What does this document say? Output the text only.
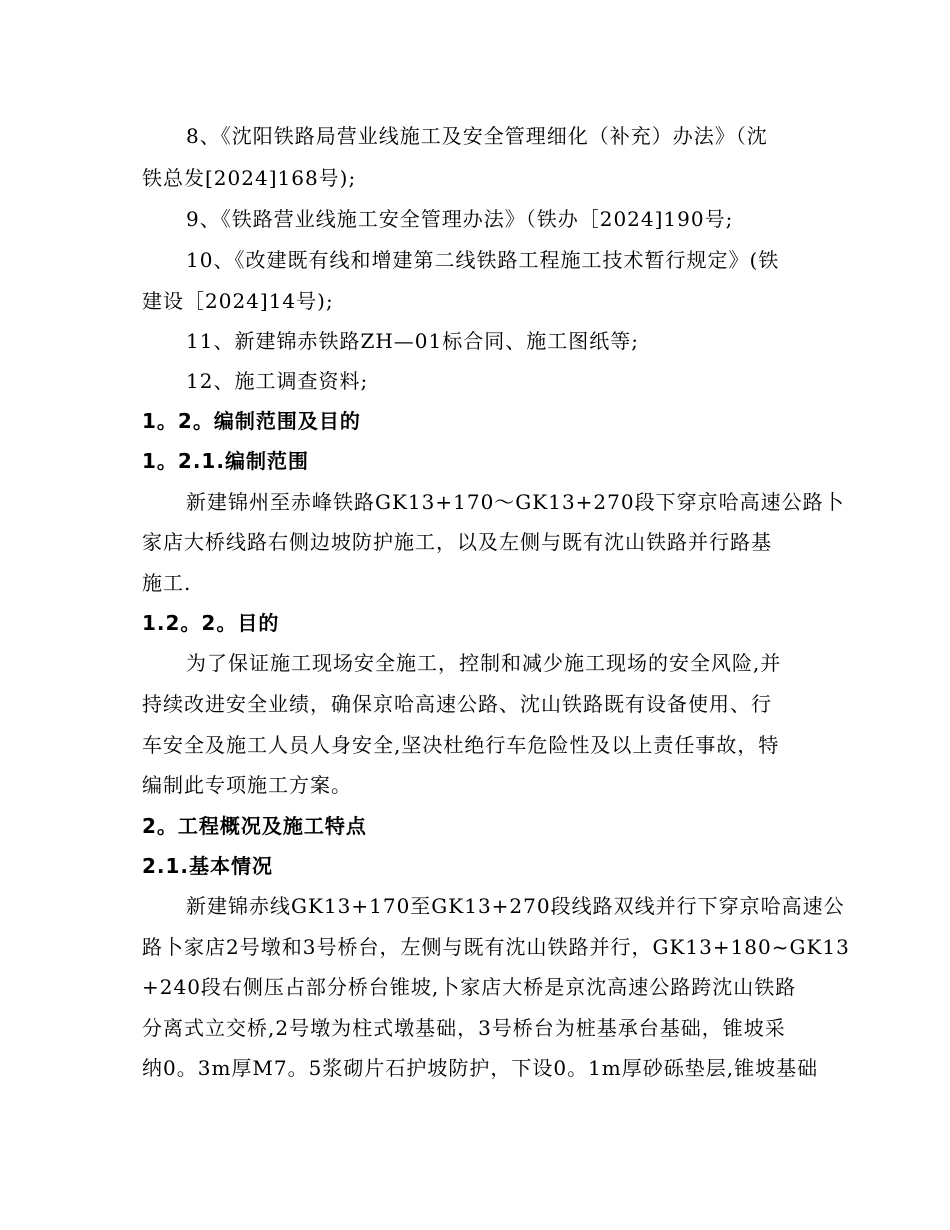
8、《沈阳铁路局营业线施工及安全管理细化（补充）办法》（沈
铁总发[2024]168号);
9、《铁路营业线施工安全管理办法》（铁办［2024]190号;
10、《改建既有线和增建第二线铁路工程施工技术暂行规定》(铁
建设［2024]14号);
11、新建锦赤铁路ZH—01标合同、施工图纸等;
12、施工调查资料;
1。2。编制范围及目的
1。2.1.编制范围
新建锦州至赤峰铁路GK13+170～GK13+270段下穿京哈高速公路卜
家店大桥线路右侧边坡防护施工，以及左侧与既有沈山铁路并行路基
施工.
1.2。2。目的
为了保证施工现场安全施工，控制和减少施工现场的安全风险,并
持续改进安全业绩，确保京哈高速公路、沈山铁路既有设备使用、行
车安全及施工人员人身安全,坚决杜绝行车危险性及以上责任事故，特
编制此专项施工方案。
2。工程概况及施工特点
2.1.基本情况
新建锦赤线GK13+170至GK13+270段线路双线并行下穿京哈高速公
路卜家店2号墩和3号桥台，左侧与既有沈山铁路并行，GK13+180~GK13
+240段右侧压占部分桥台锥坡,卜家店大桥是京沈高速公路跨沈山铁路
分离式立交桥,2号墩为柱式墩基础，3号桥台为桩基承台基础，锥坡采
纳0。3m厚M7。5浆砌片石护坡防护，下设0。1m厚砂砾垫层,锥坡基础
